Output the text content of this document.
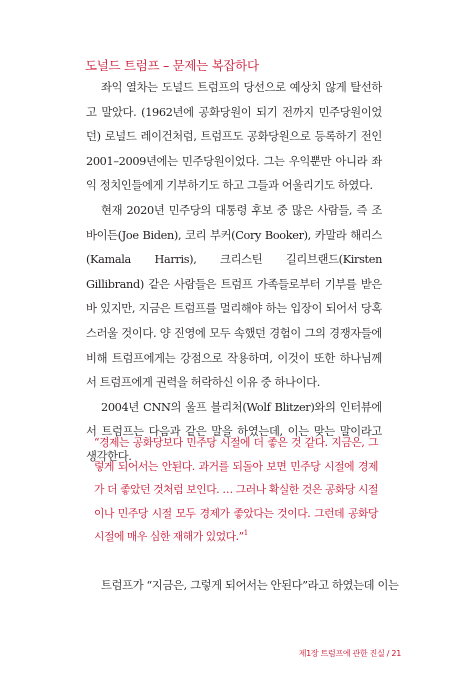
도널드 트럼프 – 문제는 복잡하다

좌익 열차는 도널드 트럼프의 당선으로 예상치 않게 탈선하고 말았다. (1962년에 공화당원이 되기 전까지 민주당원이었던) 로널드 레이건처럼, 트럼프도 공화당원으로 등록하기 전인 2001–2009년에는 민주당원이었다. 그는 우익뿐만 아니라 좌익 정치인들에게 기부하기도 하고 그들과 어울리기도 하였다.

현재 2020년 민주당의 대통령 후보 중 많은 사람들, 즉 조 바이든(Joe Biden), 코리 부커(Cory Booker), 카말라 해리스(Kamala Harris), 크리스틴 길리브랜드(Kirsten Gillibrand) 같은 사람들은 트럼프 가족들로부터 기부를 받은 바 있지만, 지금은 트럼프를 멀리해야 하는 입장이 되어서 당혹스러울 것이다. 양 진영에 모두 속했던 경험이 그의 경쟁자들에 비해 트럼프에게는 강점으로 작용하며, 이것이 또한 하나님께서 트럼프에게 권력을 허락하신 이유 중 하나이다.

2004년 CNN의 울프 블리처(Wolf Blitzer)와의 인터뷰에서 트럼프는 다음과 같은 말을 하였는데, 이는 맞는 말이라고 생각한다.

“경제는 공화당보다 민주당 시절에 더 좋은 것 같다. 지금은, 그렇게 되어서는 안된다. 과거를 되돌아 보면 민주당 시절에 경제가 더 좋았던 것처럼 보인다. … 그러나 확실한 것은 공화당 시절이나 민주당 시절 모두 경제가 좋았다는 것이다. 그런데 공화당 시절에 매우 심한 재해가 있었다.”$^1$

트럼프가 “지금은, 그렇게 되어서는 안된다”라고 하였는데 이는

제1장 트럼프에 관한 진실 / 21
